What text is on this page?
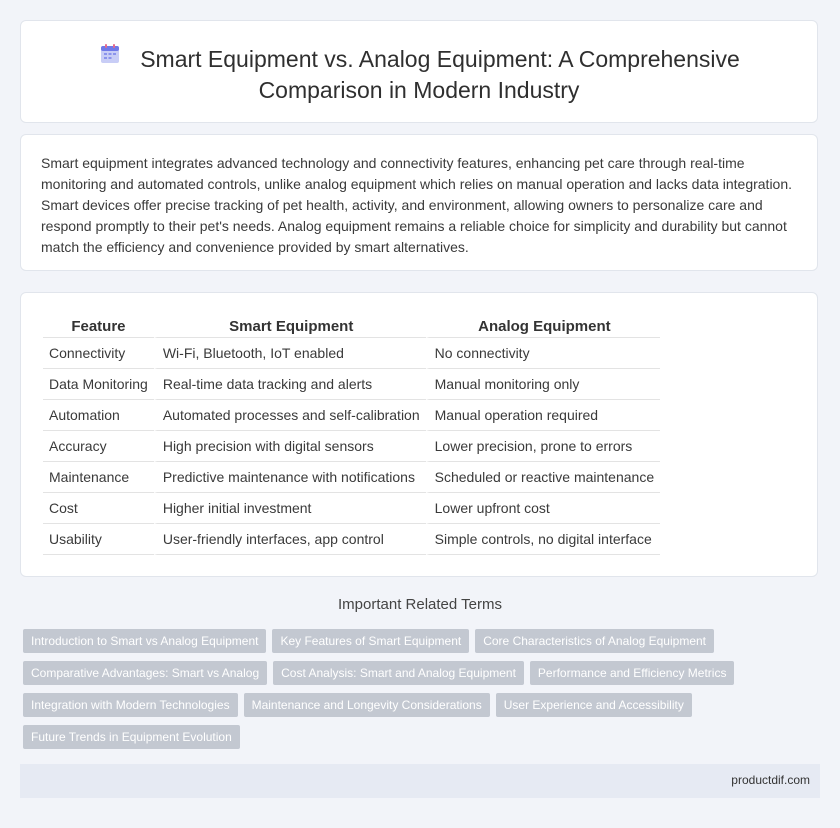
Smart Equipment vs. Analog Equipment: A Comprehensive
Comparison in Modern Industry

Smart equipment integrates advanced technology and connectivity features, enhancing pet care through real-time monitoring and automated controls, unlike analog equipment which relies on manual operation and lacks data integration. Smart devices offer precise tracking of pet health, activity, and environment, allowing owners to personalize care and respond promptly to their pet's needs. Analog equipment remains a reliable choice for simplicity and durability but cannot match the efficiency and convenience provided by smart alternatives.

Feature	Smart Equipment	Analog Equipment
Connectivity	Wi-Fi, Bluetooth, IoT enabled	No connectivity
Data Monitoring	Real-time data tracking and alerts	Manual monitoring only
Automation	Automated processes and self-calibration	Manual operation required
Accuracy	High precision with digital sensors	Lower precision, prone to errors
Maintenance	Predictive maintenance with notifications	Scheduled or reactive maintenance
Cost	Higher initial investment	Lower upfront cost
Usability	User-friendly interfaces, app control	Simple controls, no digital interface
Important Related Terms
Introduction to Smart vs Analog Equipment Key Features of Smart Equipment Core Characteristics of Analog Equipment
Comparative Advantages: Smart vs Analog Cost Analysis: Smart and Analog Equipment Performance and Efficiency Metrics
Integration with Modern Technologies Maintenance and Longevity Considerations User Experience and Accessibility
Future Trends in Equipment Evolution
productdif.com
